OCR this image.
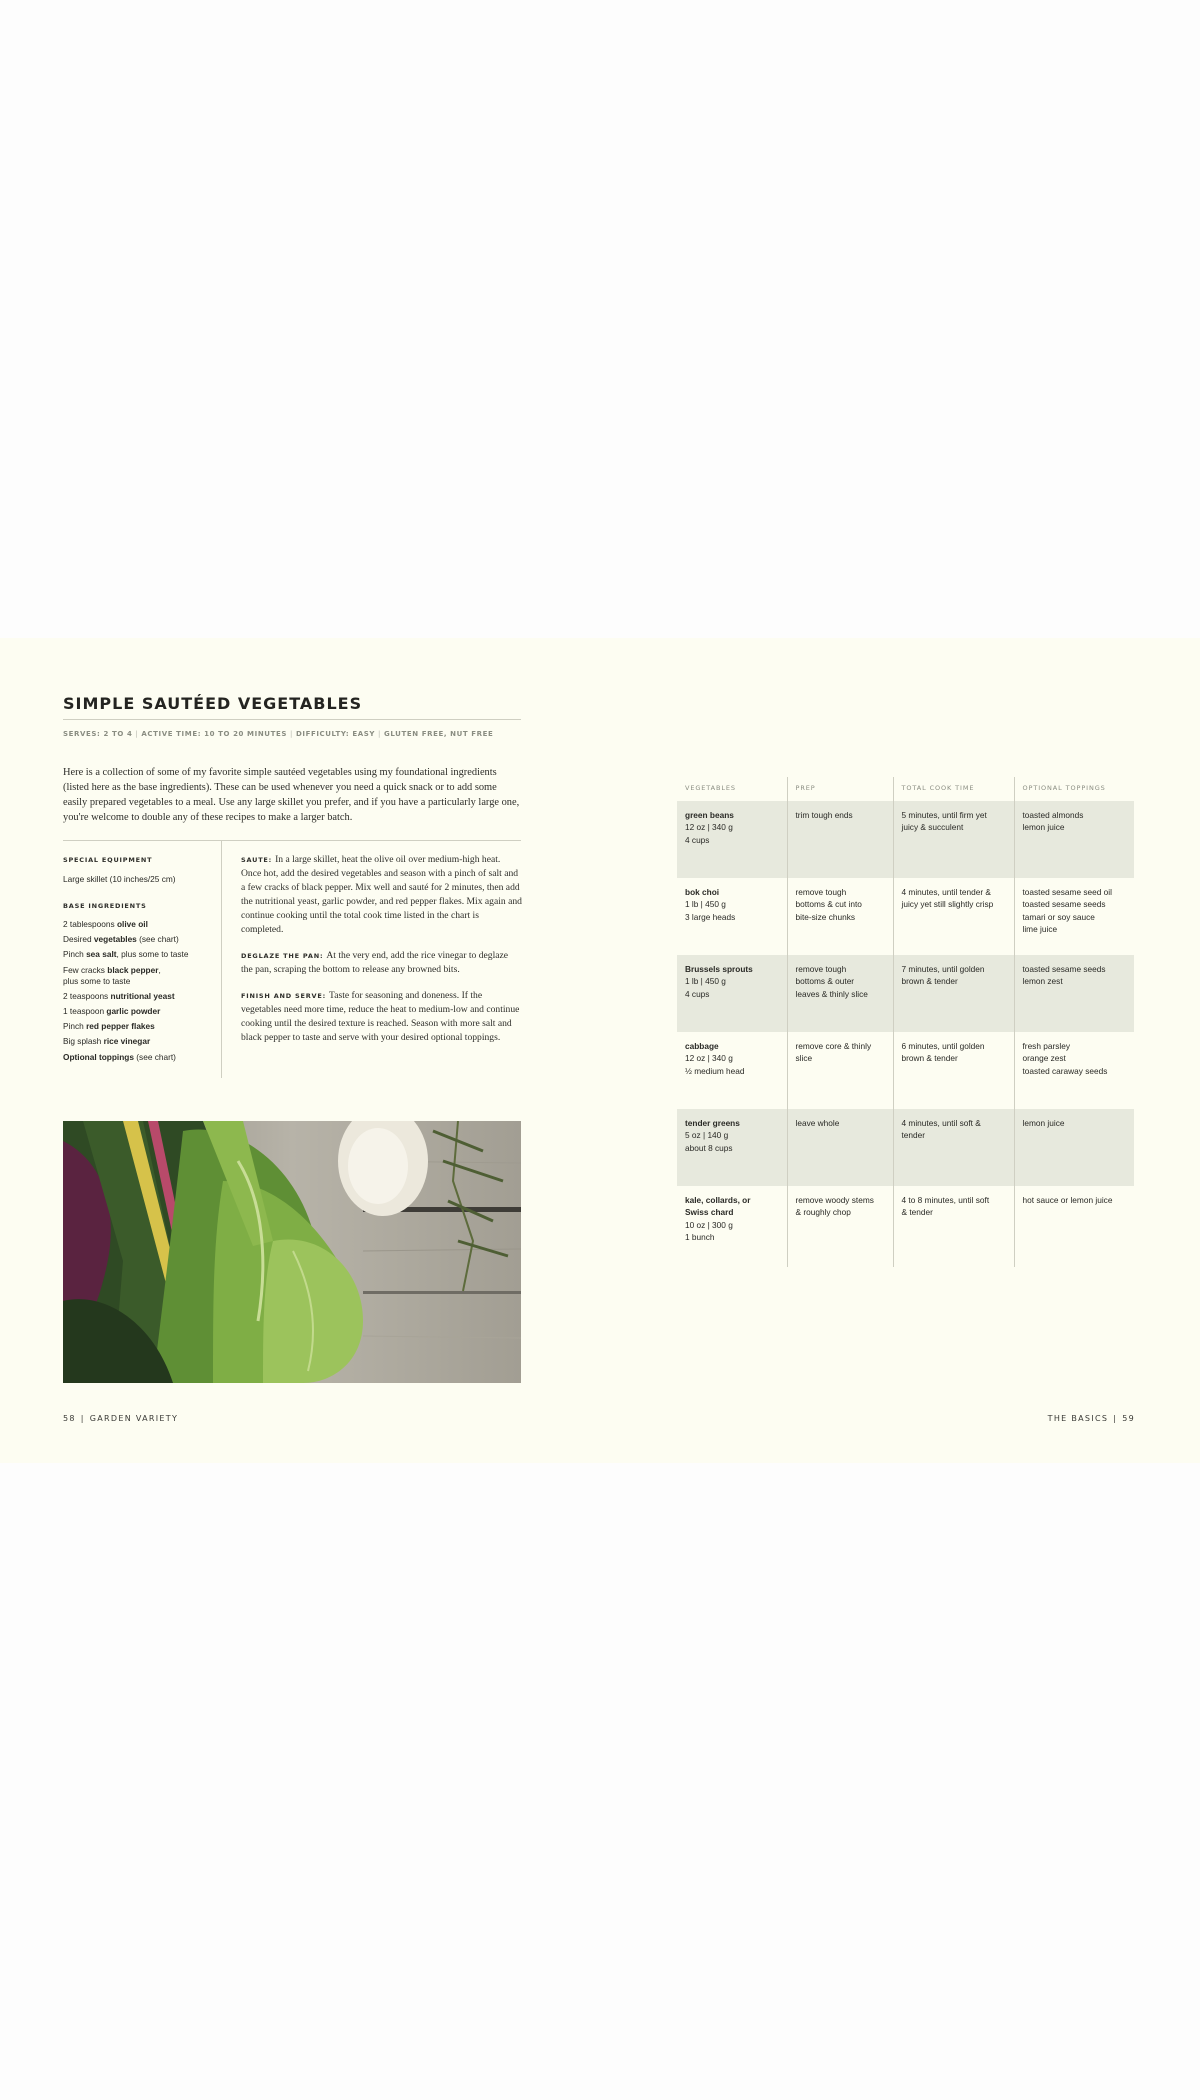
SIMPLE SAUTÉED VEGETABLES
SERVES: 2 TO 4 | ACTIVE TIME: 10 TO 20 MINUTES | DIFFICULTY: EASY | GLUTEN FREE, NUT FREE

Here is a collection of some of my favorite simple sautéed vegetables using my foundational ingredients (listed here as the base ingredients). These can be used whenever you need a quick snack or to add some easily prepared vegetables to a meal. Use any large skillet you prefer, and if you have a particularly large one, you're welcome to double any of these recipes to make a larger batch.

SPECIAL EQUIPMENT
Large skillet (10 inches/25 cm)
BASE INGREDIENTS
2 tablespoons olive oil
Desired vegetables (see chart)
Pinch sea salt, plus some to taste
Few cracks black pepper,
plus some to taste
2 teaspoons nutritional yeast
1 teaspoon garlic powder
Pinch red pepper flakes
Big splash rice vinegar
Optional toppings (see chart)

SAUTE: In a large skillet, heat the olive oil over medium-high heat. Once hot, add the desired vegetables and season with a pinch of salt and a few cracks of black pepper. Mix well and sauté for 2 minutes, then add the nutritional yeast, garlic powder, and red pepper flakes. Mix again and continue cooking until the total cook time listed in the chart is completed.

DEGLAZE THE PAN: At the very end, add the rice vinegar to deglaze the pan, scraping the bottom to release any browned bits.

FINISH AND SERVE: Taste for seasoning and doneness. If the vegetables need more time, reduce the heat to medium-low and continue cooking until the desired texture is reached. Season with more salt and black pepper to taste and serve with your desired optional toppings.

58 | GARDEN VARIETY	THE BASICS | 59
VEGETABLES	PREP	TOTAL COOK TIME	OPTIONAL TOPPINGS

green beans
12 oz | 340 g
4 cups	trim tough ends	5 minutes, until firm yet
juicy & succulent	toasted almonds
lemon juice

bok choi
1 lb | 450 g
3 large heads	remove tough
bottoms & cut into
bite-size chunks	4 minutes, until tender &
juicy yet still slightly crisp	toasted sesame seed oil
toasted sesame seeds
tamari or soy sauce
lime juice

Brussels sprouts
1 lb | 450 g
4 cups	remove tough
bottoms & outer
leaves & thinly slice	7 minutes, until golden
brown & tender	toasted sesame seeds
lemon zest

cabbage
12 oz | 340 g
½ medium head	remove core & thinly
slice	6 minutes, until golden
brown & tender	fresh parsley
orange zest
toasted caraway seeds

tender greens
5 oz | 140 g
about 8 cups	leave whole	4 minutes, until soft &
tender	lemon juice

kale, collards, or
Swiss chard
10 oz | 300 g
1 bunch	remove woody stems
& roughly chop	4 to 8 minutes, until soft
& tender	hot sauce or lemon juice
